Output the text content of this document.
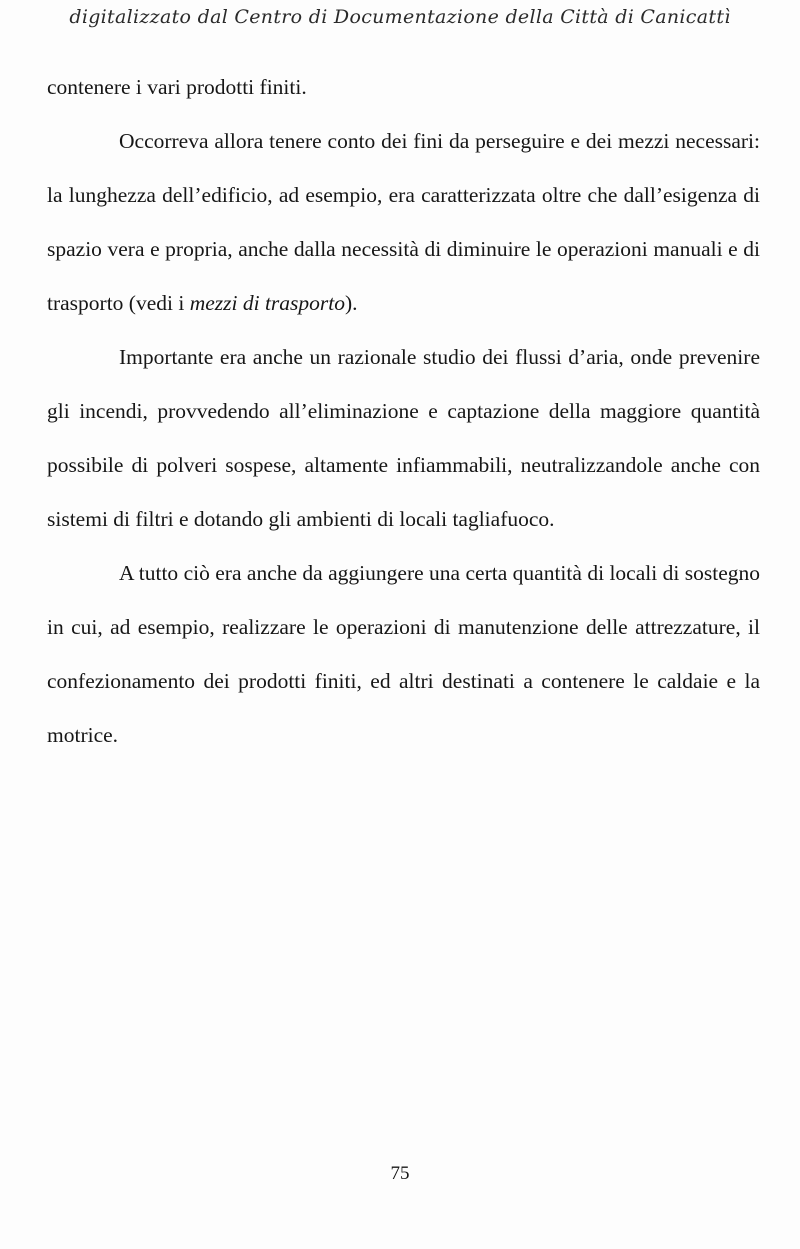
digitalizzato dal Centro di Documentazione della Città di Canicattì

contenere i vari prodotti finiti.

Occorreva allora tenere conto dei fini da perseguire e dei mezzi necessari: la lunghezza dell’edificio, ad esempio, era caratterizzata oltre che dall’esigenza di spazio vera e propria, anche dalla necessità di diminuire le operazioni manuali e di trasporto (vedi i mezzi di trasporto).

Importante era anche un razionale studio dei flussi d’aria, onde prevenire gli incendi, provvedendo all’eliminazione e captazione della maggiore quantità possibile di polveri sospese, altamente infiammabili, neutralizzandole anche con sistemi di filtri e dotando gli ambienti di locali tagliafuoco.

A tutto ciò era anche da aggiungere una certa quantità di locali di sostegno in cui, ad esempio, realizzare le operazioni di manutenzione delle attrezzature, il confezionamento dei prodotti finiti, ed altri destinati a contenere le caldaie e la motrice.

75
